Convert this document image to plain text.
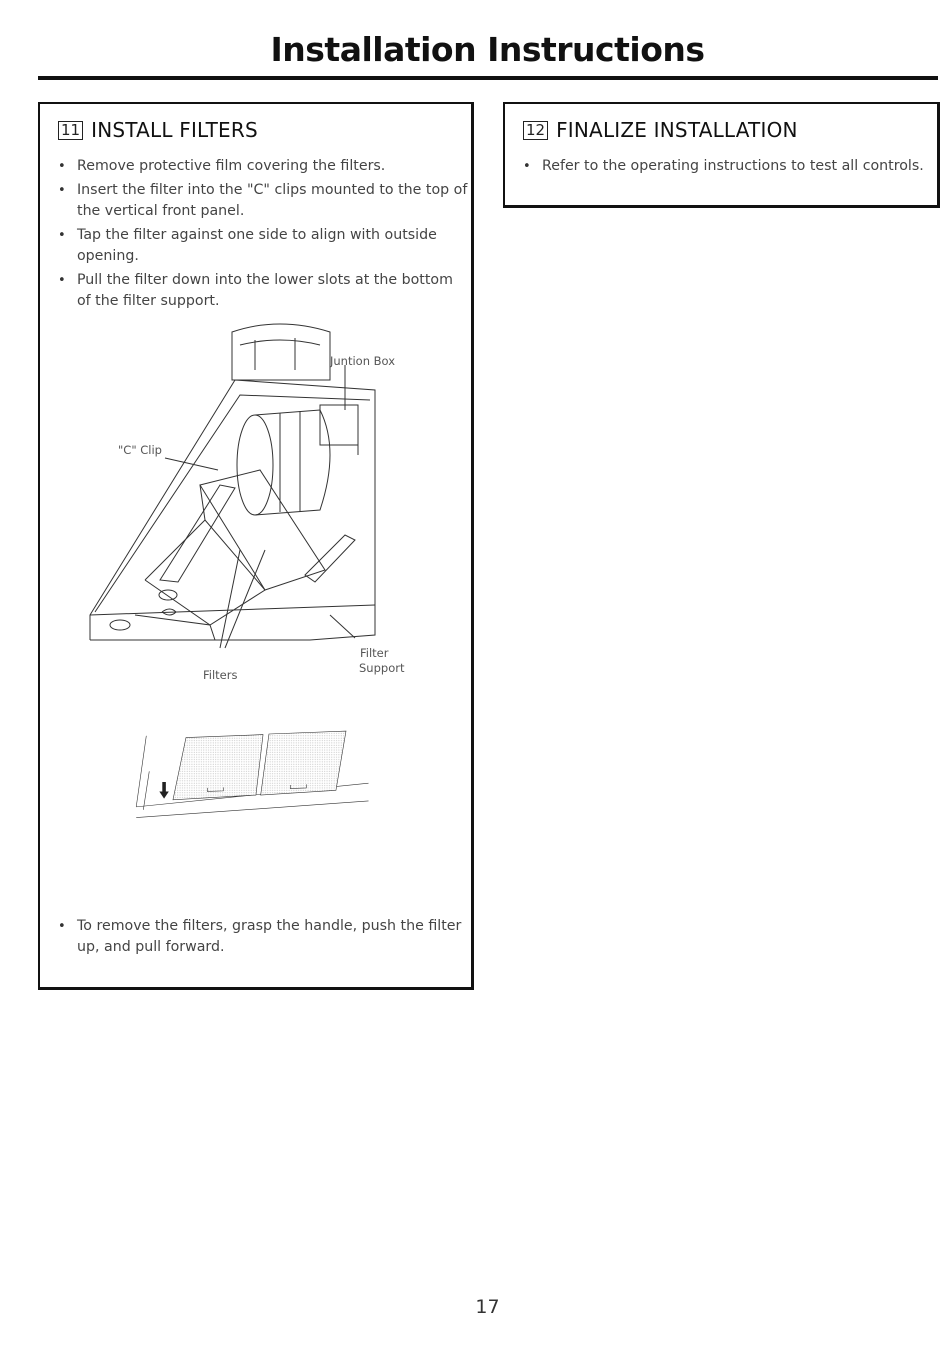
Installation Instructions
11 INSTALL FILTERS
• Remove protective film covering the filters.
• Insert the filter into the "C" clips mounted to the top of the vertical front panel.
• Tap the filter against one side to align with outside opening.
• Pull the filter down into the lower slots at the bottom of the filter support.
• To remove the filters, grasp the handle, push the filter up, and pull forward.
Juntion Box
"C" Clip
Filters
Filter
Support
12 FINALIZE INSTALLATION
• Refer to the operating instructions to test all controls.
17
